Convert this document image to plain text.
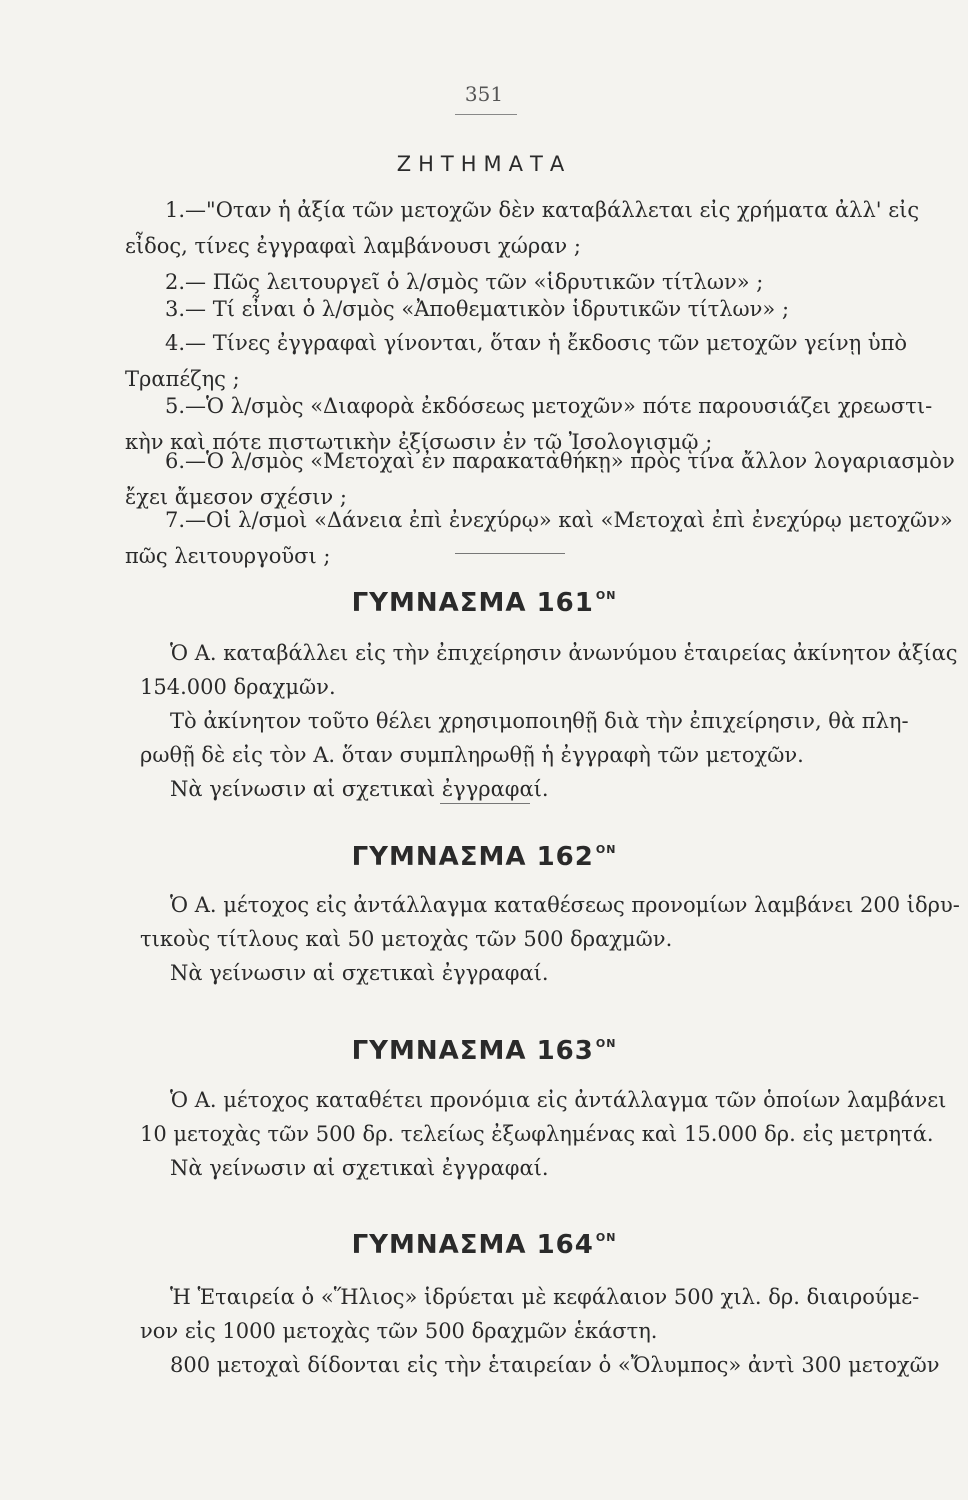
351
ΖΗΤΗΜΑΤΑ
1.—"Οταν ἡ ἀξία τῶν μετοχῶν δὲν καταβάλλεται εἰς χρήματα ἀλλ' εἰς
εἶδος, τίνες ἐγγραφαὶ λαμβάνουσι χώραν ;
2.— Πῶς λειτουργεῖ ὁ λ/σμὸς τῶν «ἱδρυτικῶν τίτλων» ;
3.— Τί εἶναι ὁ λ/σμὸς «Ἀποθεματικὸν ἱδρυτικῶν τίτλων» ;
4.— Τίνες ἐγγραφαὶ γίνονται, ὅταν ἡ ἔκδοσις τῶν μετοχῶν γείνῃ ὑπὸ
Τραπέζης ;
5.—Ὁ λ/σμὸς «Διαφορὰ ἐκδόσεως μετοχῶν» πότε παρουσιάζει χρεωστι-
κὴν καὶ πότε πιστωτικὴν ἐξίσωσιν ἐν τῷ Ἰσολογισμῷ ;
6.—Ὁ λ/σμὸς «Μετοχαὶ ἐν παρακαταθήκῃ» πρὸς τίνα ἄλλον λογαριασμὸν
ἔχει ἄμεσον σχέσιν ;
7.—Οἱ λ/σμοὶ «Δάνεια ἐπὶ ἐνεχύρῳ» καὶ «Μετοχαὶ ἐπὶ ἐνεχύρῳ μετοχῶν»
πῶς λειτουργοῦσι ;
ΓΥΜΝΑΣΜΑ 161 $^{ON}$
Ὁ Α. καταβάλλει εἰς τὴν ἐπιχείρησιν ἀνωνύμου ἑταιρείας ἀκίνητον ἀξίας
154.000 δραχμῶν.
Τὸ ἀκίνητον τοῦτο θέλει χρησιμοποιηθῇ διὰ τὴν ἐπιχείρησιν, θὰ πλη-
ρωθῇ δὲ εἰς τὸν Α. ὅταν συμπληρωθῇ ἡ ἐγγραφὴ τῶν μετοχῶν.
Νὰ γείνωσιν αἱ σχετικαὶ ἐγγραφαί.
ΓΥΜΝΑΣΜΑ 162 $^{ON}$
Ὁ Α. μέτοχος εἰς ἀντάλλαγμα καταθέσεως προνομίων λαμβάνει 200 ἱδρυ-
τικοὺς τίτλους καὶ 50 μετοχὰς τῶν 500 δραχμῶν.
Νὰ γείνωσιν αἱ σχετικαὶ ἐγγραφαί.
ΓΥΜΝΑΣΜΑ 163 $^{ON}$
Ὁ Α. μέτοχος καταθέτει προνόμια εἰς ἀντάλλαγμα τῶν ὁποίων λαμβάνει
10 μετοχὰς τῶν 500 δρ. τελείως ἐξωφλημένας καὶ 15.000 δρ. εἰς μετρητά.
Νὰ γείνωσιν αἱ σχετικαὶ ἐγγραφαί.
ΓΥΜΝΑΣΜΑ 164 $^{ON}$
Ἡ Ἑταιρεία ὁ «Ἥλιος» ἱδρύεται μὲ κεφάλαιον 500 χιλ. δρ. διαιρούμε-
νον εἰς 1000 μετοχὰς τῶν 500 δραχμῶν ἑκάστη.
800 μετοχαὶ δίδονται εἰς τὴν ἑταιρείαν ὁ «Ὄλυμπος» ἀντὶ 300 μετοχῶν
